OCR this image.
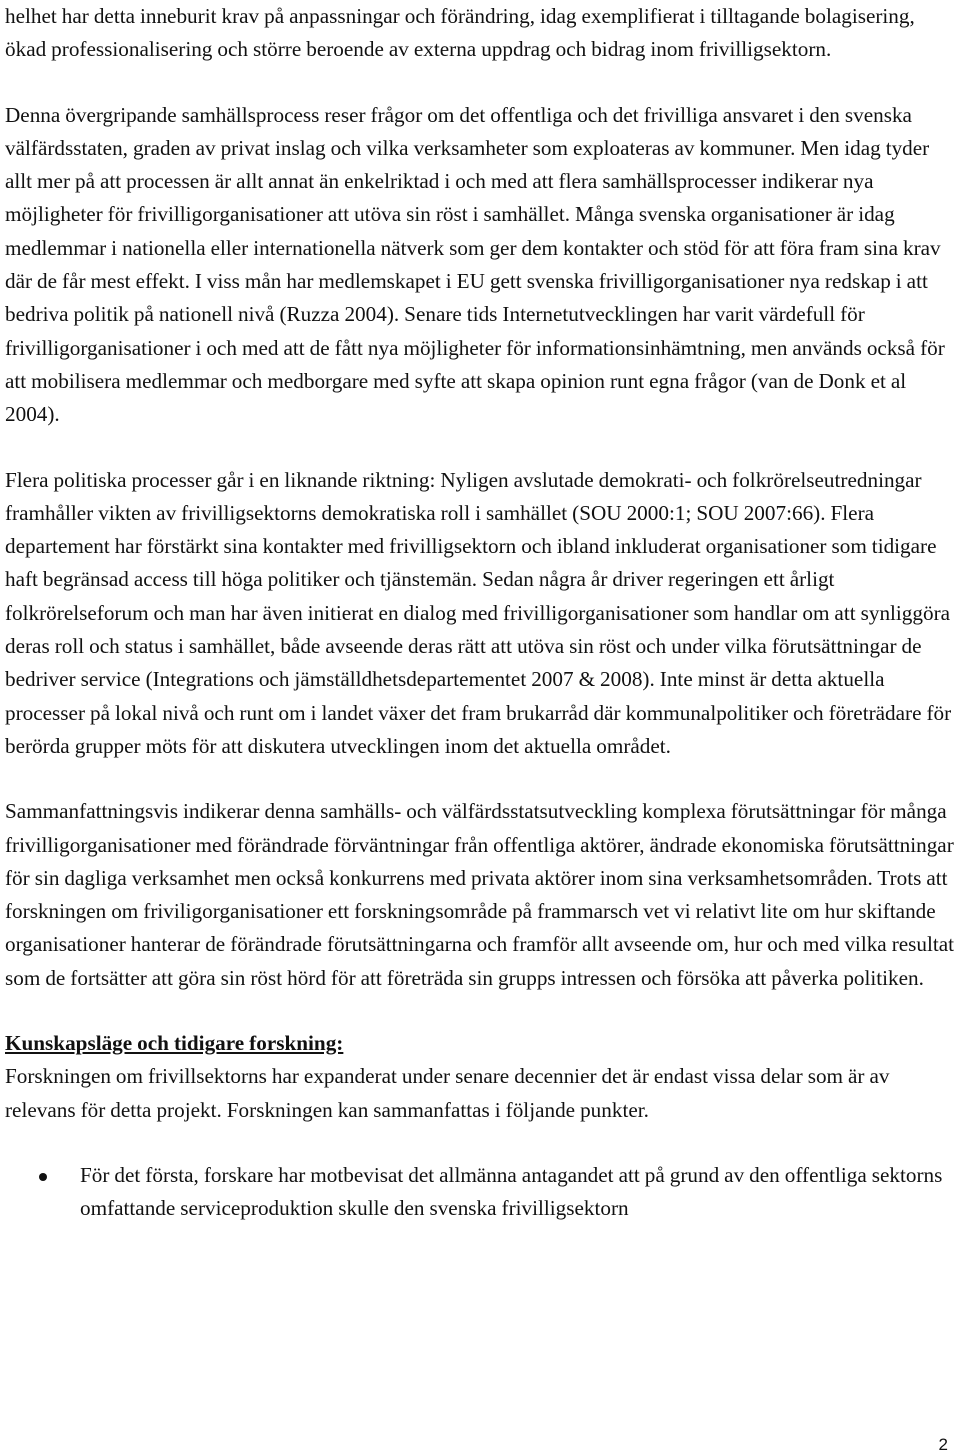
helhet har detta inneburit krav på anpassningar och förändring, idag exemplifierat i tilltagande bolagisering, ökad professionalisering och större beroende av externa uppdrag och bidrag inom frivilligsektorn.

Denna övergripande samhällsprocess reser frågor om det offentliga och det frivilliga ansvaret i den svenska välfärdsstaten, graden av privat inslag och vilka verksamheter som exploateras av kommuner. Men idag tyder allt mer på att processen är allt annat än enkelriktad i och med att flera samhällsprocesser indikerar nya möjligheter för frivilligorganisationer att utöva sin röst i samhället. Många svenska organisationer är idag medlemmar i nationella eller internationella nätverk som ger dem kontakter och stöd för att föra fram sina krav där de får mest effekt. I viss mån har medlemskapet i EU gett svenska frivilligorganisationer nya redskap i att bedriva politik på nationell nivå (Ruzza 2004). Senare tids Internetutvecklingen har varit värdefull för frivilligorganisationer i och med att de fått nya möjligheter för informationsinhämtning, men används också för att mobilisera medlemmar och medborgare med syfte att skapa opinion runt egna frågor (van de Donk et al 2004).

Flera politiska processer går i en liknande riktning: Nyligen avslutade demokrati- och folkrörelseutredningar framhåller vikten av frivilligsektorns demokratiska roll i samhället (SOU 2000:1; SOU 2007:66). Flera departement har förstärkt sina kontakter med frivilligsektorn och ibland inkluderat organisationer som tidigare haft begränsad access till höga politiker och tjänstemän. Sedan några år driver regeringen ett årligt folkrörelseforum och man har även initierat en dialog med frivilligorganisationer som handlar om att synliggöra deras roll och status i samhället, både avseende deras rätt att utöva sin röst och under vilka förutsättningar de bedriver service (Integrations och jämställdhetsdepartementet 2007 & 2008). Inte minst är detta aktuella processer på lokal nivå och runt om i landet växer det fram brukarråd där kommunalpolitiker och företrädare för berörda grupper möts för att diskutera utvecklingen inom det aktuella området.

Sammanfattningsvis indikerar denna samhälls- och välfärdsstatsutveckling komplexa förutsättningar för många frivilligorganisationer med förändrade förväntningar från offentliga aktörer, ändrade ekonomiska förutsättningar för sin dagliga verksamhet men också konkurrens med privata aktörer inom sina verksamhetsområden. Trots att forskningen om friviligorganisationer ett forskningsområde på frammarsch vet vi relativt lite om hur skiftande organisationer hanterar de förändrade förutsättningarna och framför allt avseende om, hur och med vilka resultat som de fortsätter att göra sin röst hörd för att företräda sin grupps intressen och försöka att påverka politiken.

Kunskapsläge och tidigare forskning:

Forskningen om frivillsektorns har expanderat under senare decennier det är endast vissa delar som är av relevans för detta projekt. Forskningen kan sammanfattas i följande punkter.

För det första, forskare har motbevisat det allmänna antagandet att på grund av den offentliga sektorns omfattande serviceproduktion skulle den svenska frivilligsektorn
2
